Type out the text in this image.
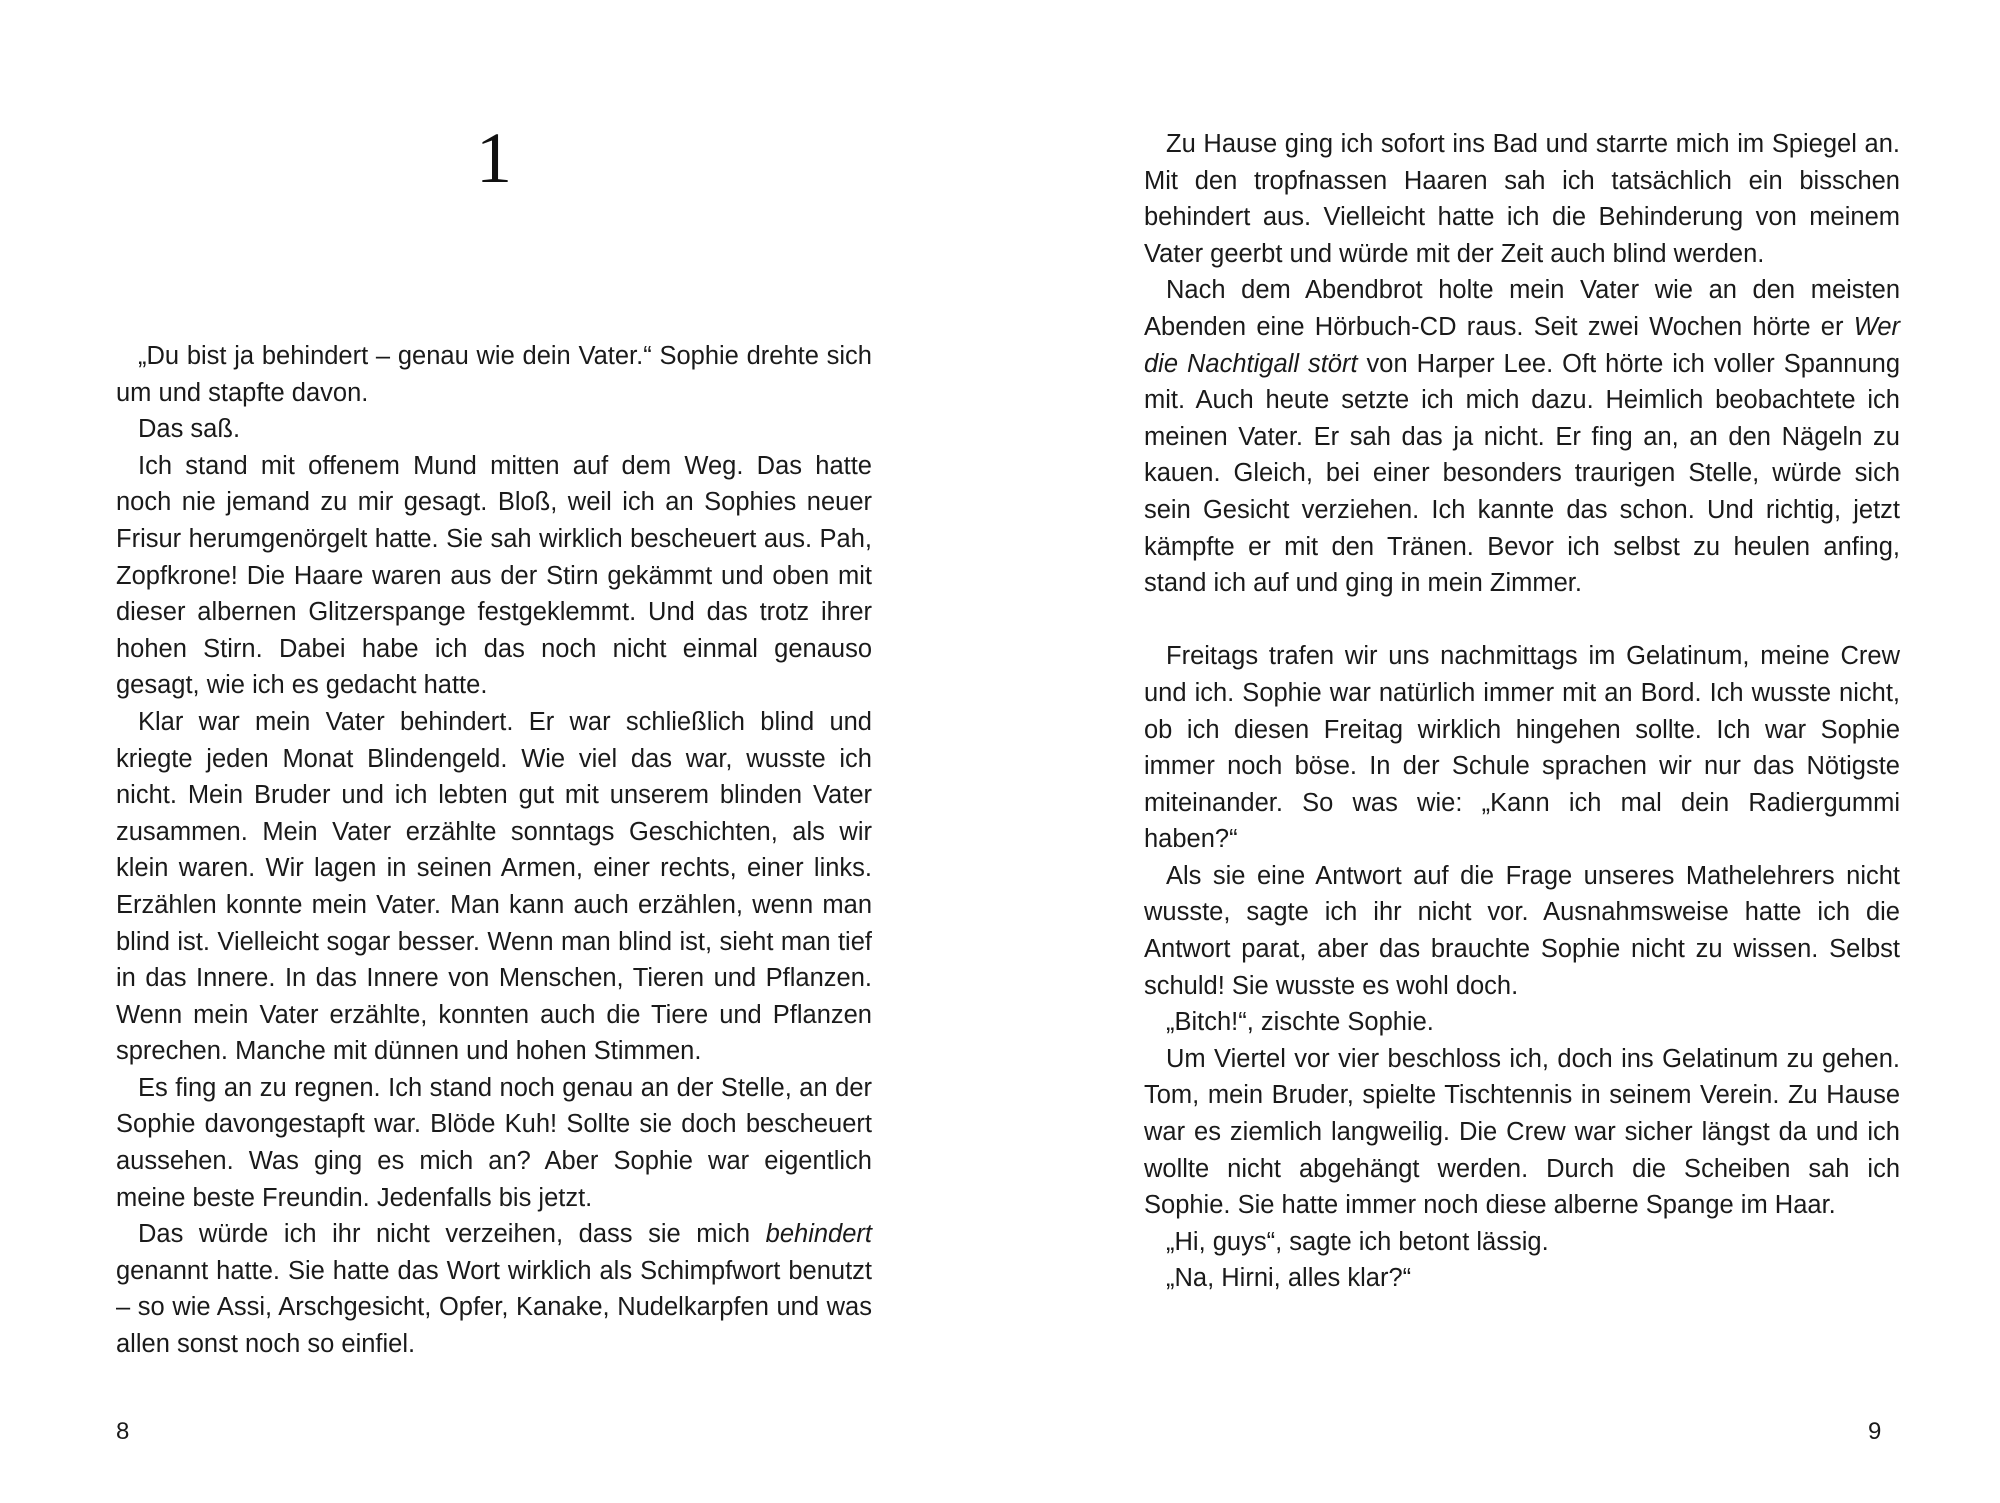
1

„Du bist ja behindert – genau wie dein Vater.“ Sophie drehte sich um und stapfte davon.

Das saß.

Ich stand mit offenem Mund mitten auf dem Weg. Das hatte noch nie jemand zu mir gesagt. Bloß, weil ich an Sophies neuer Frisur herumgenörgelt hatte. Sie sah wirklich bescheuert aus. Pah, Zopfkrone! Die Haare waren aus der Stirn gekämmt und oben mit dieser albernen Glitzerspange festgeklemmt. Und das trotz ihrer hohen Stirn. Dabei habe ich das noch nicht einmal genauso gesagt, wie ich es gedacht hatte.

Klar war mein Vater behindert. Er war schließlich blind und kriegte jeden Monat Blindengeld. Wie viel das war, wusste ich nicht. Mein Bruder und ich lebten gut mit unserem blinden Vater zusammen. Mein Vater erzählte sonntags Geschichten, als wir klein waren. Wir lagen in seinen Armen, einer rechts, einer links. Erzählen konnte mein Vater. Man kann auch erzählen, wenn man blind ist. Vielleicht sogar besser. Wenn man blind ist, sieht man tief in das Innere. In das Innere von Menschen, Tieren und Pflanzen. Wenn mein Vater erzählte, konnten auch die Tiere und Pflanzen sprechen. Manche mit dünnen und hohen Stimmen.

Es fing an zu regnen. Ich stand noch genau an der Stelle, an der Sophie davongestapft war. Blöde Kuh! Sollte sie doch bescheuert aussehen. Was ging es mich an? Aber Sophie war eigentlich meine beste Freundin. Jedenfalls bis jetzt.

Das würde ich ihr nicht verzeihen, dass sie mich behindert genannt hatte. Sie hatte das Wort wirklich als Schimpfwort benutzt – so wie Assi, Arschgesicht, Opfer, Kanake, Nudelkarpfen und was allen sonst noch so einfiel.

8

Zu Hause ging ich sofort ins Bad und starrte mich im Spiegel an. Mit den tropfnassen Haaren sah ich tatsächlich ein bisschen behindert aus. Vielleicht hatte ich die Behinderung von meinem Vater geerbt und würde mit der Zeit auch blind werden.

Nach dem Abendbrot holte mein Vater wie an den meisten Abenden eine Hörbuch-CD raus. Seit zwei Wochen hörte er Wer die Nachtigall stört von Harper Lee. Oft hörte ich voller Spannung mit. Auch heute setzte ich mich dazu. Heimlich beobachtete ich meinen Vater. Er sah das ja nicht. Er fing an, an den Nägeln zu kauen. Gleich, bei einer besonders traurigen Stelle, würde sich sein Gesicht verziehen. Ich kannte das schon. Und richtig, jetzt kämpfte er mit den Tränen. Bevor ich selbst zu heulen anfing, stand ich auf und ging in mein Zimmer.

Freitags trafen wir uns nachmittags im Gelatinum, meine Crew und ich. Sophie war natürlich immer mit an Bord. Ich wusste nicht, ob ich diesen Freitag wirklich hingehen sollte. Ich war Sophie immer noch böse. In der Schule sprachen wir nur das Nötigste miteinander. So was wie: „Kann ich mal dein Radiergummi haben?“

Als sie eine Antwort auf die Frage unseres Mathelehrers nicht wusste, sagte ich ihr nicht vor. Ausnahmsweise hatte ich die Antwort parat, aber das brauchte Sophie nicht zu wissen. Selbst schuld! Sie wusste es wohl doch.

„Bitch!“, zischte Sophie.

Um Viertel vor vier beschloss ich, doch ins Gelatinum zu gehen. Tom, mein Bruder, spielte Tischtennis in seinem Verein. Zu Hause war es ziemlich langweilig. Die Crew war sicher längst da und ich wollte nicht abgehängt werden. Durch die Scheiben sah ich Sophie. Sie hatte immer noch diese alberne Spange im Haar.

„Hi, guys“, sagte ich betont lässig.

„Na, Hirni, alles klar?“

9
